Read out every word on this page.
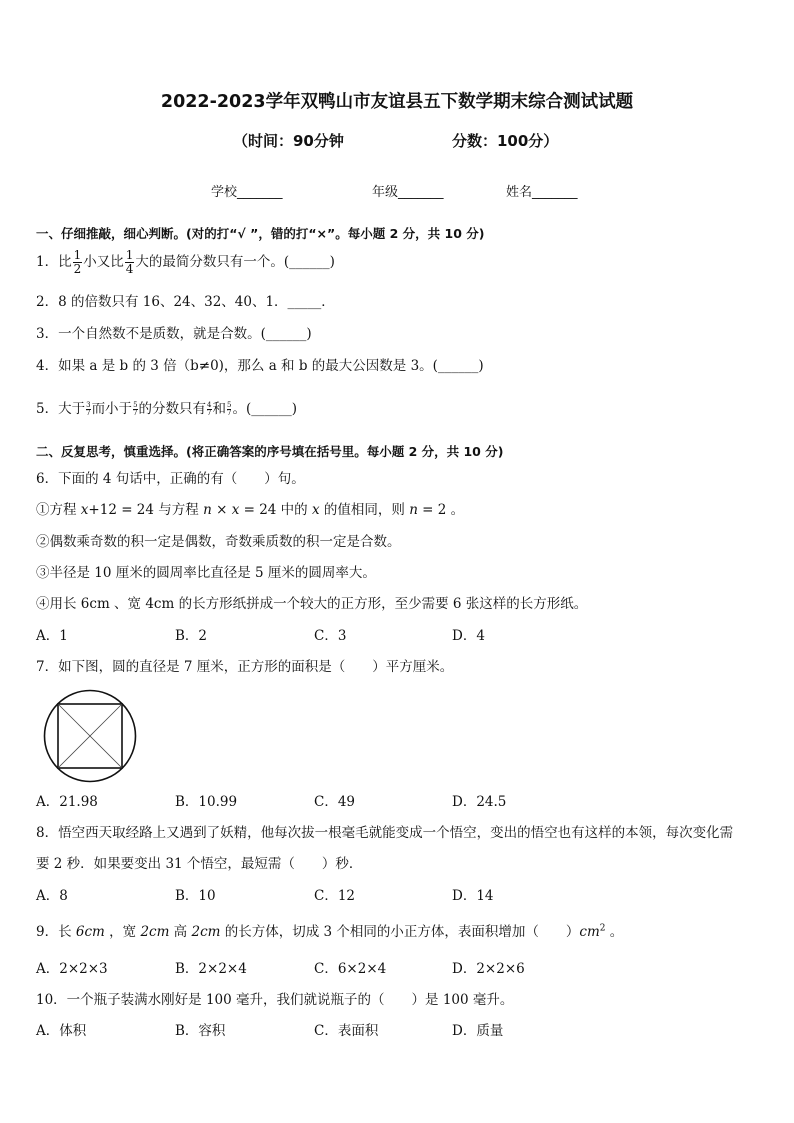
2022-2023学年双鸭山市友谊县五下数学期末综合测试试题
（时间：90分钟	分数：100分）
学校_______	年级_______	姓名_______
一、仔细推敲，细心判断。(对的打“√ ”，错的打“×”。每小题 2 分，共 10 分)
1．比 $\frac{1}{2}$ 小又比 $\frac{1}{4}$ 大的最简分数只有一个。(______)
2．8 的倍数只有 16、24、32、40、1．_____．
3．一个自然数不是质数，就是合数。(______)
4．如果 a 是 b 的 3 倍（b≠0)，那么 a 和 b 的最大公因数是 3。(______)
5．大于 $\frac{3}{7}$ 而小于 $\frac{5}{7}$ 的分数只有 $\frac{4}{7}$ 和 $\frac{5}{7}$ 。(______)
二、反复思考，慎重选择。(将正确答案的序号填在括号里。每小题 2 分，共 10 分)
6．下面的 4 句话中，正确的有（　　）句。
①方程 x+12 = 24 与方程 n × x = 24 中的 x 的值相同，则 n = 2 。
②偶数乘奇数的积一定是偶数，奇数乘质数的积一定是合数。
③半径是 10 厘米的圆周率比直径是 5 厘米的圆周率大。
④用长 6cm 、宽 4cm 的长方形纸拼成一个较大的正方形，至少需要 6 张这样的长方形纸。
A．1	B．2	C．3	D．4
7．如下图，圆的直径是 7 厘米，正方形的面积是（　　）平方厘米。
A．21.98	B．10.99	C．49	D．24.5
8．悟空西天取经路上又遇到了妖精，他每次拔一根毫毛就能变成一个悟空，变出的悟空也有这样的本领，每次变化需
要 2 秒．如果要变出 31 个悟空，最短需（　　）秒．
A．8	B．10	C．12	D．14
9．长 6cm ，宽 2cm 高 2cm 的长方体，切成 3 个相同的小正方体，表面积增加（　　）$cm^2$ 。
A．2×2×3	B．2×2×4	C．6×2×4	D．2×2×6
10．一个瓶子装满水刚好是 100 毫升，我们就说瓶子的（　　）是 100 毫升。
A．体积	B．容积	C．表面积	D．质量
